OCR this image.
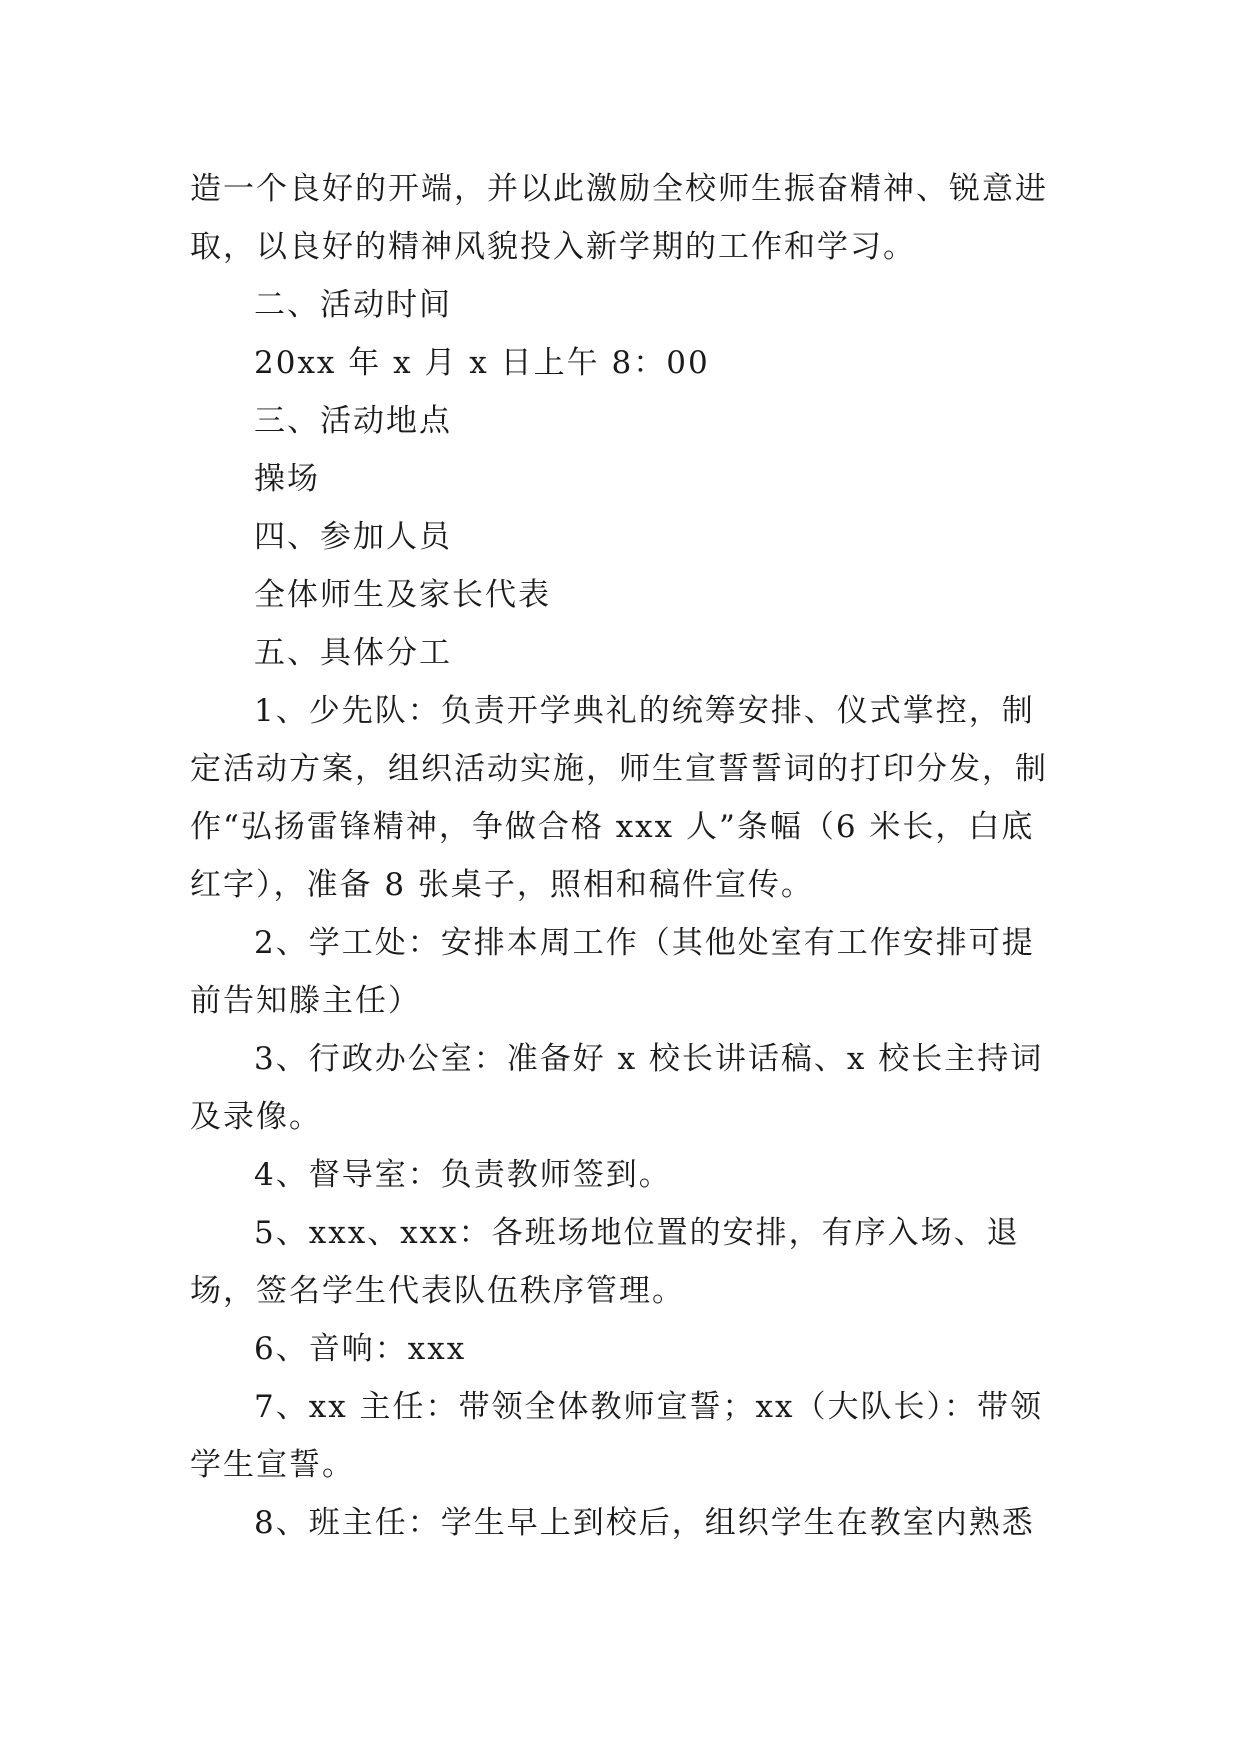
造一个良好的开端，并以此激励全校师生振奋精神、锐意进取，以良好的精神风貌投入新学期的工作和学习。

二、活动时间

20xx 年 x 月 x 日上午 8：00

三、活动地点

操场

四、参加人员

全体师生及家长代表

五、具体分工

1、少先队：负责开学典礼的统筹安排、仪式掌控，制定活动方案，组织活动实施，师生宣誓誓词的打印分发，制作“弘扬雷锋精神，争做合格 xxx 人”条幅（6 米长，白底红字），准备 8 张桌子，照相和稿件宣传。

2、学工处：安排本周工作（其他处室有工作安排可提前告知滕主任）

3、行政办公室：准备好 x 校长讲话稿、x 校长主持词及录像。

4、督导室：负责教师签到。

5、xxx、xxx：各班场地位置的安排，有序入场、退场，签名学生代表队伍秩序管理。

6、音响：xxx

7、xx 主任：带领全体教师宣誓；xx（大队长）：带领学生宣誓。

8、班主任：学生早上到校后，组织学生在教室内熟悉
